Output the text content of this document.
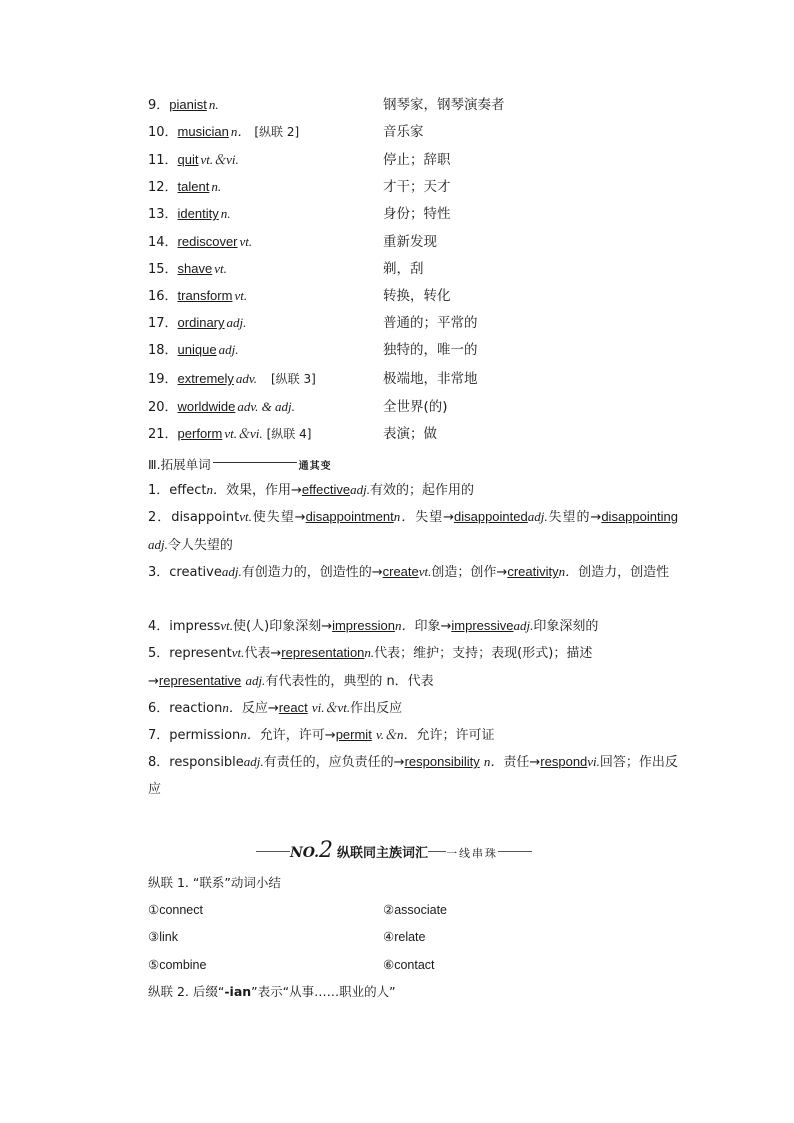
9．pianist n.	钢琴家，钢琴演奏者
10．musician n． [纵联 2]	音乐家
11．quit vt.＆vi.	停止；辞职
12．talent n.	才干；天才
13．identity n.	身份；特性
14．rediscover vt.	重新发现
15．shave vt.	剃，刮
16．transform vt.	转换，转化
17．ordinary adj.	普通的；平常的
18．unique adj.	独特的，唯一的
19．extremely adv. [纵联 3]	极端地，非常地
20．worldwide adv. & adj.	全世界(的)
21．perform vt.＆vi. [纵联 4]	表演；做
Ⅲ.拓展单词	通其变
1．effectn．效果，作用→effectiveadj.有效的；起作用的
2．disappointvt.使失望→disappointmentn．失望→disappointedadj.失望的→disappointing adj.令人失望的
3．creativeadj.有创造力的，创造性的→createvt.创造；创作→creativityn．创造力，创造性
4．impressvt.使(人)印象深刻→impressionn．印象→impressiveadj.印象深刻的
5．representvt.代表→representationn.代表；维护；支持；表现(形式)；描述→representative adj.有代表性的，典型的 n．代表
6．reactionn．反应→react vi.＆vt.作出反应
7．permissionn．允许，许可→permit v.＆n．允许；许可证
8．responsibleadj.有责任的，应负责任的→responsibility n．责任→respondvi.回答；作出反应
NO.2 纵联同主族词汇 一线串珠
纵联 1. “联系”动词小结
①connect	②associate
③link	④relate
⑤combine	⑥contact
纵联 2. 后缀“-ian”表示“从事……职业的人”
